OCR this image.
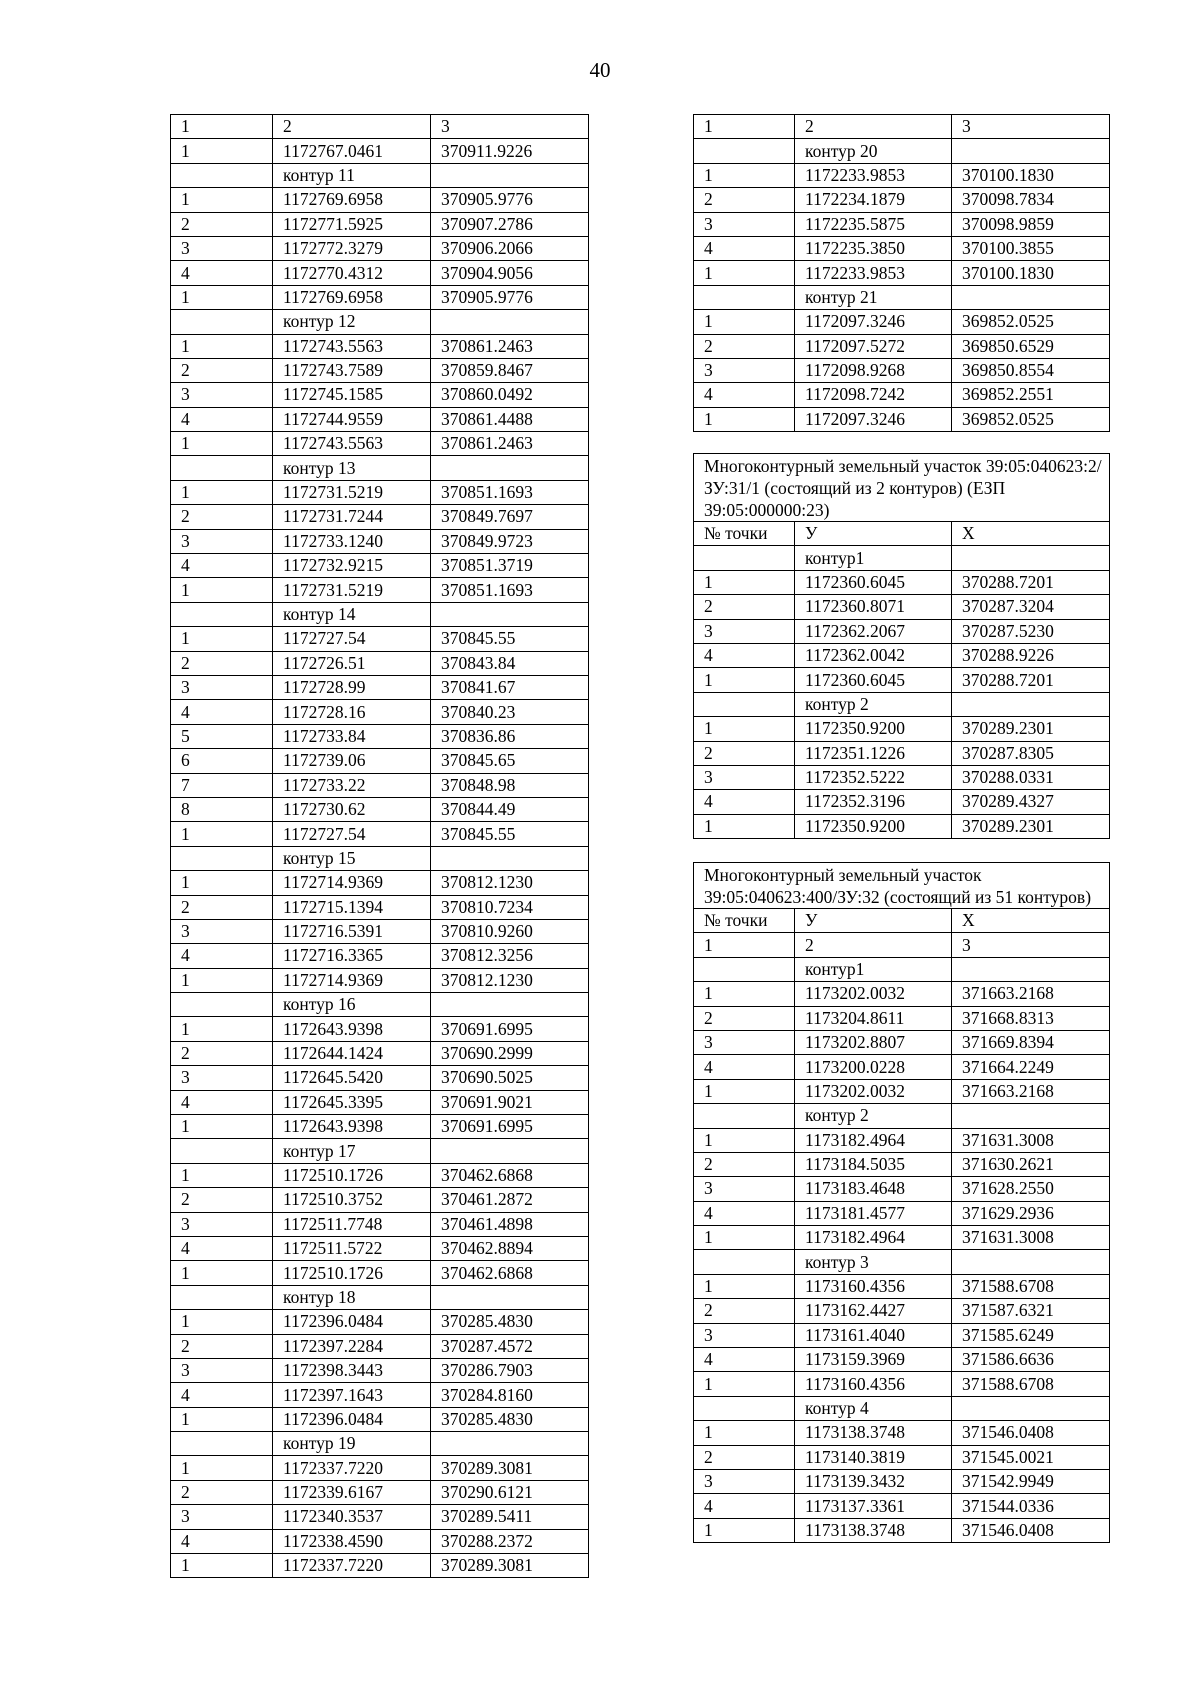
40
1	2	3
1	1172767.0461	370911.9226
	контур 11	
1	1172769.6958	370905.9776
2	1172771.5925	370907.2786
3	1172772.3279	370906.2066
4	1172770.4312	370904.9056
1	1172769.6958	370905.9776
	контур 12	
1	1172743.5563	370861.2463
2	1172743.7589	370859.8467
3	1172745.1585	370860.0492
4	1172744.9559	370861.4488
1	1172743.5563	370861.2463
	контур 13	
1	1172731.5219	370851.1693
2	1172731.7244	370849.7697
3	1172733.1240	370849.9723
4	1172732.9215	370851.3719
1	1172731.5219	370851.1693
	контур 14	
1	1172727.54	370845.55
2	1172726.51	370843.84
3	1172728.99	370841.67
4	1172728.16	370840.23
5	1172733.84	370836.86
6	1172739.06	370845.65
7	1172733.22	370848.98
8	1172730.62	370844.49
1	1172727.54	370845.55
	контур 15	
1	1172714.9369	370812.1230
2	1172715.1394	370810.7234
3	1172716.5391	370810.9260
4	1172716.3365	370812.3256
1	1172714.9369	370812.1230
	контур 16	
1	1172643.9398	370691.6995
2	1172644.1424	370690.2999
3	1172645.5420	370690.5025
4	1172645.3395	370691.9021
1	1172643.9398	370691.6995
	контур 17	
1	1172510.1726	370462.6868
2	1172510.3752	370461.2872
3	1172511.7748	370461.4898
4	1172511.5722	370462.8894
1	1172510.1726	370462.6868
	контур 18	
1	1172396.0484	370285.4830
2	1172397.2284	370287.4572
3	1172398.3443	370286.7903
4	1172397.1643	370284.8160
1	1172396.0484	370285.4830
	контур 19	
1	1172337.7220	370289.3081
2	1172339.6167	370290.6121
3	1172340.3537	370289.5411
4	1172338.4590	370288.2372
1	1172337.7220	370289.3081
1	2	3
	контур 20	
1	1172233.9853	370100.1830
2	1172234.1879	370098.7834
3	1172235.5875	370098.9859
4	1172235.3850	370100.3855
1	1172233.9853	370100.1830
	контур 21	
1	1172097.3246	369852.0525
2	1172097.5272	369850.6529
3	1172098.9268	369850.8554
4	1172098.7242	369852.2551
1	1172097.3246	369852.0525
Многоконтурный земельный участок 39:05:040623:2/ЗУ:31/1 (состоящий из 2 контуров) (ЕЗП 39:05:000000:23)		
№ точки	У	Х
	контур1	
1	1172360.6045	370288.7201
2	1172360.8071	370287.3204
3	1172362.2067	370287.5230
4	1172362.0042	370288.9226
1	1172360.6045	370288.7201
	контур 2	
1	1172350.9200	370289.2301
2	1172351.1226	370287.8305
3	1172352.5222	370288.0331
4	1172352.3196	370289.4327
1	1172350.9200	370289.2301
Многоконтурный земельный участок 39:05:040623:400/ЗУ:32 (состоящий из 51 контуров)		
№ точки	У	Х
1	2	3
	контур1	
1	1173202.0032	371663.2168
2	1173204.8611	371668.8313
3	1173202.8807	371669.8394
4	1173200.0228	371664.2249
1	1173202.0032	371663.2168
	контур 2	
1	1173182.4964	371631.3008
2	1173184.5035	371630.2621
3	1173183.4648	371628.2550
4	1173181.4577	371629.2936
1	1173182.4964	371631.3008
	контур 3	
1	1173160.4356	371588.6708
2	1173162.4427	371587.6321
3	1173161.4040	371585.6249
4	1173159.3969	371586.6636
1	1173160.4356	371588.6708
	контур 4	
1	1173138.3748	371546.0408
2	1173140.3819	371545.0021
3	1173139.3432	371542.9949
4	1173137.3361	371544.0336
1	1173138.3748	371546.0408
